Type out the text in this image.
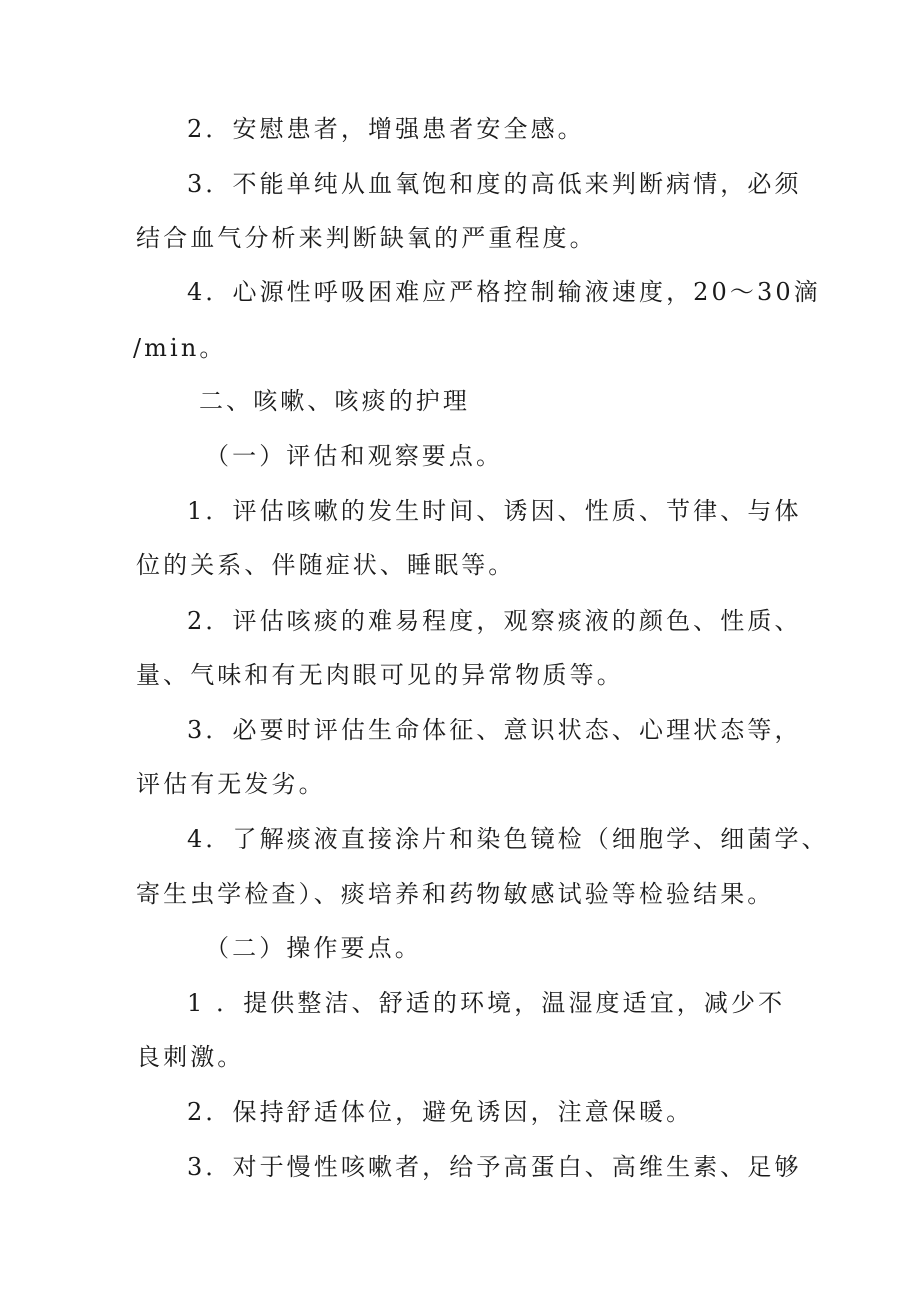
2．安慰患者，增强患者安全感。
3．不能单纯从血氧饱和度的高低来判断病情，必须
结合血气分析来判断缺氧的严重程度。
4．心源性呼吸困难应严格控制输液速度，20～30滴
/min。
二、咳嗽、咳痰的护理
（一）评估和观察要点。
1．评估咳嗽的发生时间、诱因、性质、节律、与体
位的关系、伴随症状、睡眠等。
2．评估咳痰的难易程度，观察痰液的颜色、性质、
量、气味和有无肉眼可见的异常物质等。
3．必要时评估生命体征、意识状态、心理状态等，
评估有无发劣。
4．了解痰液直接涂片和染色镜检（细胞学、细菌学、
寄生虫学检查）、痰培养和药物敏感试验等检验结果。
（二）操作要点。
1 ．提供整洁、舒适的环境，温湿度适宜，减少不
良刺激。
2．保持舒适体位，避免诱因，注意保暖。
3．对于慢性咳嗽者，给予高蛋白、高维生素、足够
